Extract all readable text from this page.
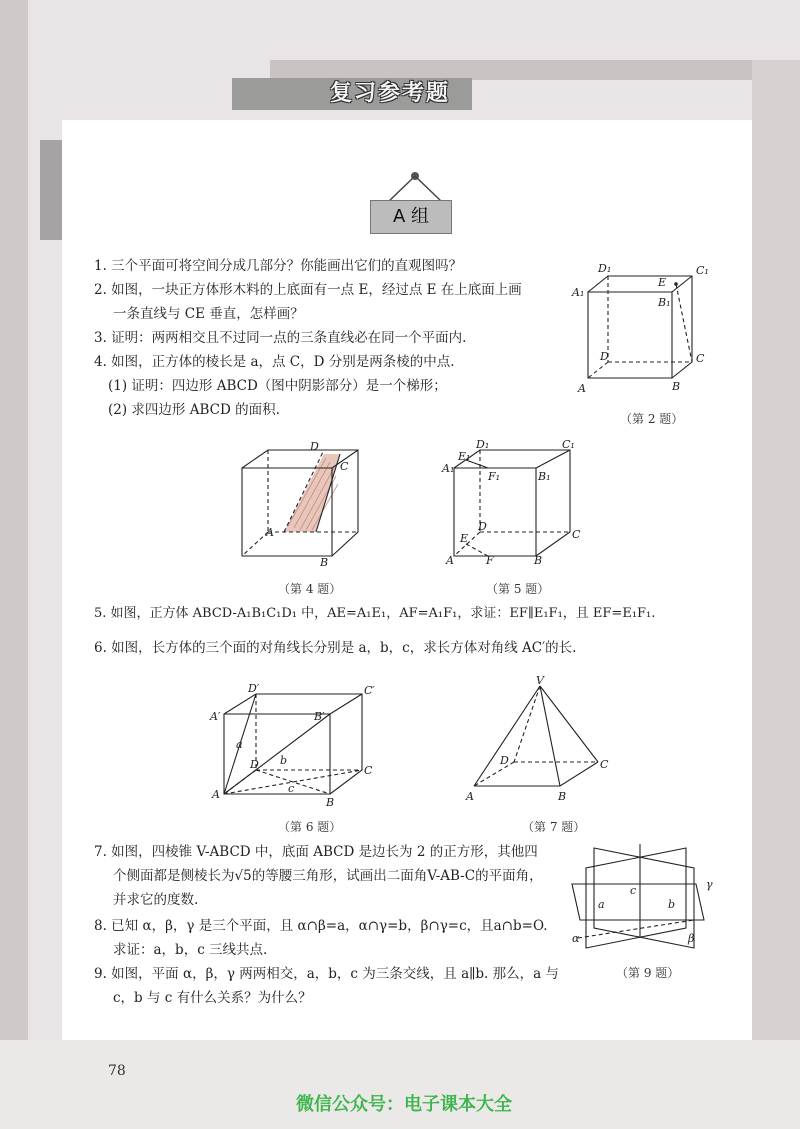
复习参考题
A 组
1. 三个平面可将空间分成几部分？你能画出它们的直观图吗？
2. 如图，一块正方体形木料的上底面有一点 E，经过点 E 在上底面上画
一条直线与 CE 垂直，怎样画？
3. 证明：两两相交且不过同一点的三条直线必在同一个平面内.
4. 如图，正方体的棱长是 a，点 C，D 分别是两条棱的中点.
(1) 证明：四边形 ABCD（图中阴影部分）是一个梯形；
(2) 求四边形 ABCD 的面积.
5. 如图，正方体 ABCD-A₁B₁C₁D₁ 中，AE=A₁E₁，AF=A₁F₁，求证：EF∥E₁F₁，且 EF=E₁F₁.
6. 如图，长方体的三个面的对角线长分别是 a，b，c，求长方体对角线 AC′的长.
7. 如图，四棱锥 V-ABCD 中，底面 ABCD 是边长为 2 的正方形，其他四
个侧面都是侧棱长为√5的等腰三角形，试画出二面角V-AB-C的平面角，
并求它的度数.
8. 已知 α，β，γ 是三个平面，且 α∩β=a，α∩γ=b，β∩γ=c，且a∩b=O.
求证：a，b，c 三线共点.
9. 如图，平面 α，β，γ 两两相交，a，b，c 为三条交线，且 a∥b. 那么，a 与
c，b 与 c 有什么关系？为什么？
D₁	C₁
A₁
E
B₁
D	C
A	B
（第 2 题）
D
C
A
B
（第 4 题）
D₁	C₁
A₁
E₁
F₁	B₁
D
C
E
A	F	B
（第 5 题）
D′	C′
A′	B′
a
D b
C
A	c
B
（第 6 题）
V
D	C
A	B
（第 7 题）
c
a	b
γ
α	β
（第 9 题）
78
微信公众号：电子课本大全
